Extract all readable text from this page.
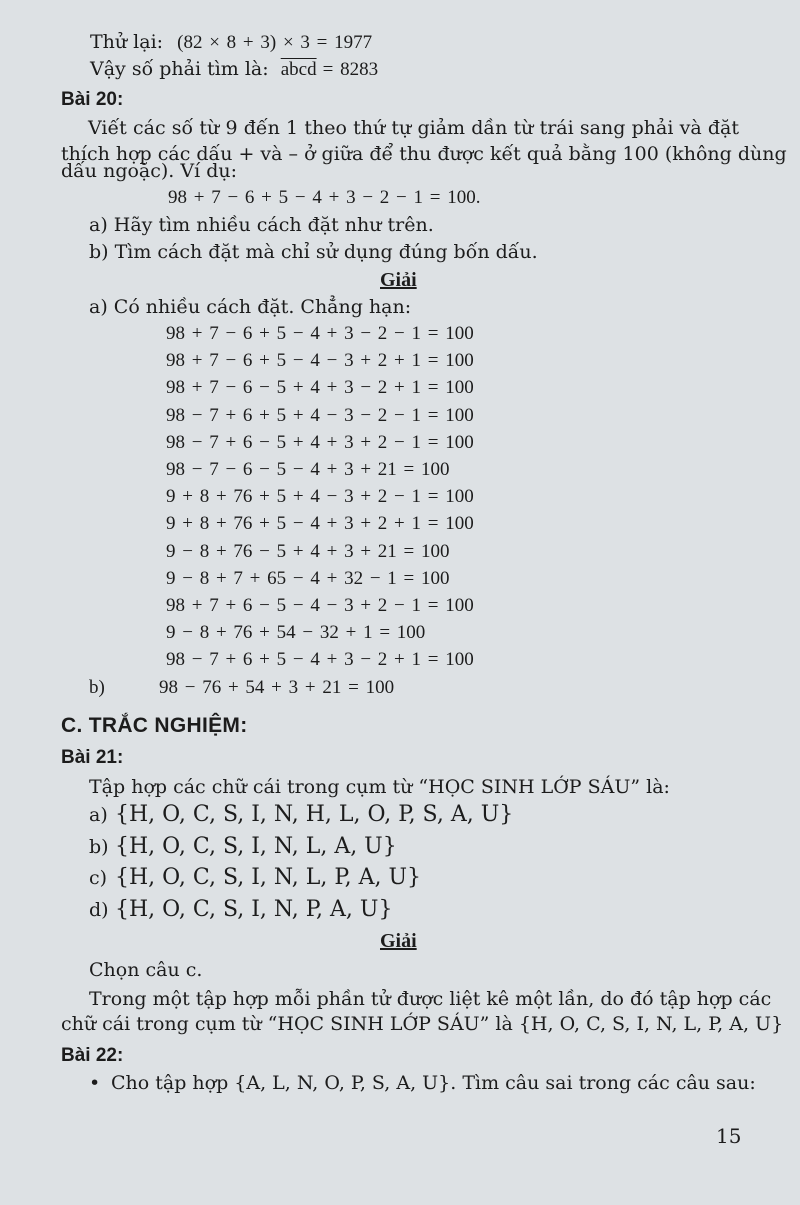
Thử lại: (82 × 8 + 3) × 3 = 1977
Vậy số phải tìm là: abcd = 8283
Bài 20:
Viết các số từ 9 đến 1 theo thứ tự giảm dần từ trái sang phải và đặt
thích hợp các dấu + và – ở giữa để thu được kết quả bằng 100 (không dùng
dấu ngoặc). Ví dụ:
98 + 7 − 6 + 5 − 4 + 3 − 2 − 1 = 100.
a) Hãy tìm nhiều cách đặt như trên.
b) Tìm cách đặt mà chỉ sử dụng đúng bốn dấu.
Giải
a) Có nhiều cách đặt. Chẳng hạn:
98 + 7 − 6 + 5 − 4 + 3 − 2 − 1 = 100
98 + 7 − 6 + 5 − 4 − 3 + 2 + 1 = 100
98 + 7 − 6 − 5 + 4 + 3 − 2 + 1 = 100
98 − 7 + 6 + 5 + 4 − 3 − 2 − 1 = 100
98 − 7 + 6 − 5 + 4 + 3 + 2 − 1 = 100
98 − 7 − 6 − 5 − 4 + 3 + 21 = 100
9 + 8 + 76 + 5 + 4 − 3 + 2 − 1 = 100
9 + 8 + 76 + 5 − 4 + 3 + 2 + 1 = 100
9 − 8 + 76 − 5 + 4 + 3 + 21 = 100
9 − 8 + 7 + 65 − 4 + 32 − 1 = 100
98 + 7 + 6 − 5 − 4 − 3 + 2 − 1 = 100
9 − 8 + 76 + 54 − 32 + 1 = 100
98 − 7 + 6 + 5 − 4 + 3 − 2 + 1 = 100
b)	98 − 76 + 54 + 3 + 21 = 100
C. TRẮC NGHIỆM:
Bài 21:
Tập hợp các chữ cái trong cụm từ “HỌC SINH LỚP SÁU” là:
a) {H, O, C, S, I, N, H, L, O, P, S, A, U}
b) {H, O, C, S, I, N, L, A, U}
c) {H, O, C, S, I, N, L, P, A, U}
d) {H, O, C, S, I, N, P, A, U}
Giải
Chọn câu c.
Trong một tập hợp mỗi phần tử được liệt kê một lần, do đó tập hợp các
chữ cái trong cụm từ “HỌC SINH LỚP SÁU” là {H, O, C, S, I, N, L, P, A, U}
Bài 22:
• Cho tập hợp {A, L, N, O, P, S, A, U}. Tìm câu sai trong các câu sau:
15
